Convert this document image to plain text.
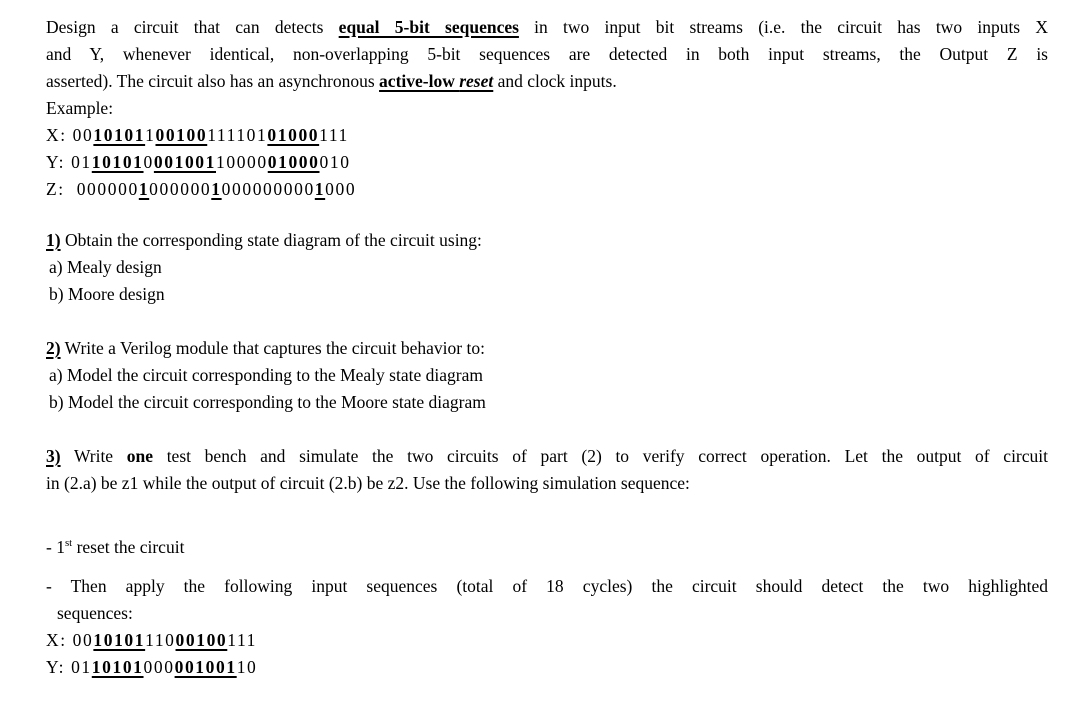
Design a circuit that can detects equal 5-bit sequences in two input bit streams (i.e. the circuit has two inputs X
and Y, whenever identical, non-overlapping 5-bit sequences are detected in both input streams, the Output Z is
asserted). The circuit also has an asynchronous active-low reset and clock inputs.
Example:
X: 001010110010011110101000111
Y: 011010100010011000001000010
Z:  000000100000010000000001000
1) Obtain the corresponding state diagram of the circuit using:
a) Mealy design
b) Moore design
2) Write a Verilog module that captures the circuit behavior to:
a) Model the circuit corresponding to the Mealy state diagram
b) Model the circuit corresponding to the Moore state diagram
3) Write one test bench and simulate the two circuits of part (2) to verify correct operation. Let the output of circuit
in (2.a) be z1 while the output of circuit (2.b) be z2. Use the following simulation sequence:
- 1st reset the circuit
- Then apply the following input sequences (total of 18 cycles) the circuit should detect the two highlighted
sequences:
X: 001010111000100111
Y: 011010100000100110
